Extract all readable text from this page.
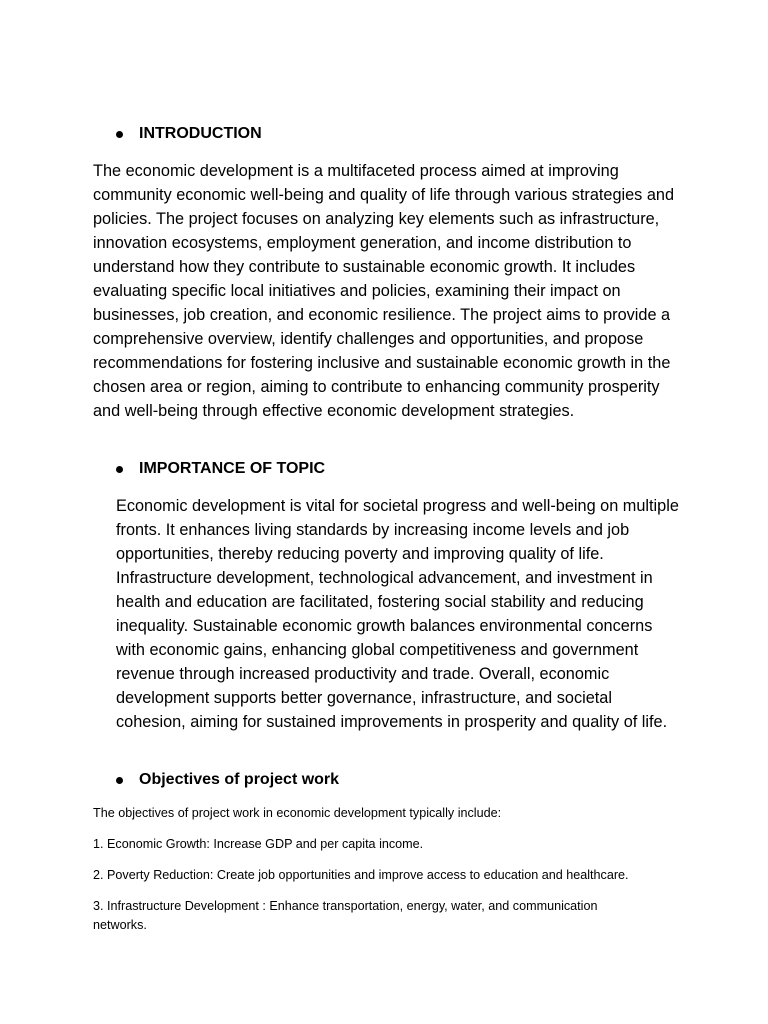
INTRODUCTION

The economic development is a multifaceted process aimed at improving community economic well-being and quality of life through various strategies and policies. The project focuses on analyzing key elements such as infrastructure, innovation ecosystems, employment generation, and income distribution to understand how they contribute to sustainable economic growth. It includes evaluating specific local initiatives and policies, examining their impact on businesses, job creation, and economic resilience. The project aims to provide a comprehensive overview, identify challenges and opportunities, and propose recommendations for fostering inclusive and sustainable economic growth in the chosen area or region, aiming to contribute to enhancing community prosperity and well-being through effective economic development strategies.

IMPORTANCE OF TOPIC

Economic development is vital for societal progress and well-being on multiple fronts. It enhances living standards by increasing income levels and job opportunities, thereby reducing poverty and improving quality of life. Infrastructure development, technological advancement, and investment in health and education are facilitated, fostering social stability and reducing inequality. Sustainable economic growth balances environmental concerns with economic gains, enhancing global competitiveness and government revenue through increased productivity and trade. Overall, economic development supports better governance, infrastructure, and societal cohesion, aiming for sustained improvements in prosperity and quality of life.

Objectives of project work

The objectives of project work in economic development typically include:

1. Economic Growth: Increase GDP and per capita income.

2. Poverty Reduction: Create job opportunities and improve access to education and healthcare.

3. Infrastructure Development : Enhance transportation, energy, water, and communication networks.
